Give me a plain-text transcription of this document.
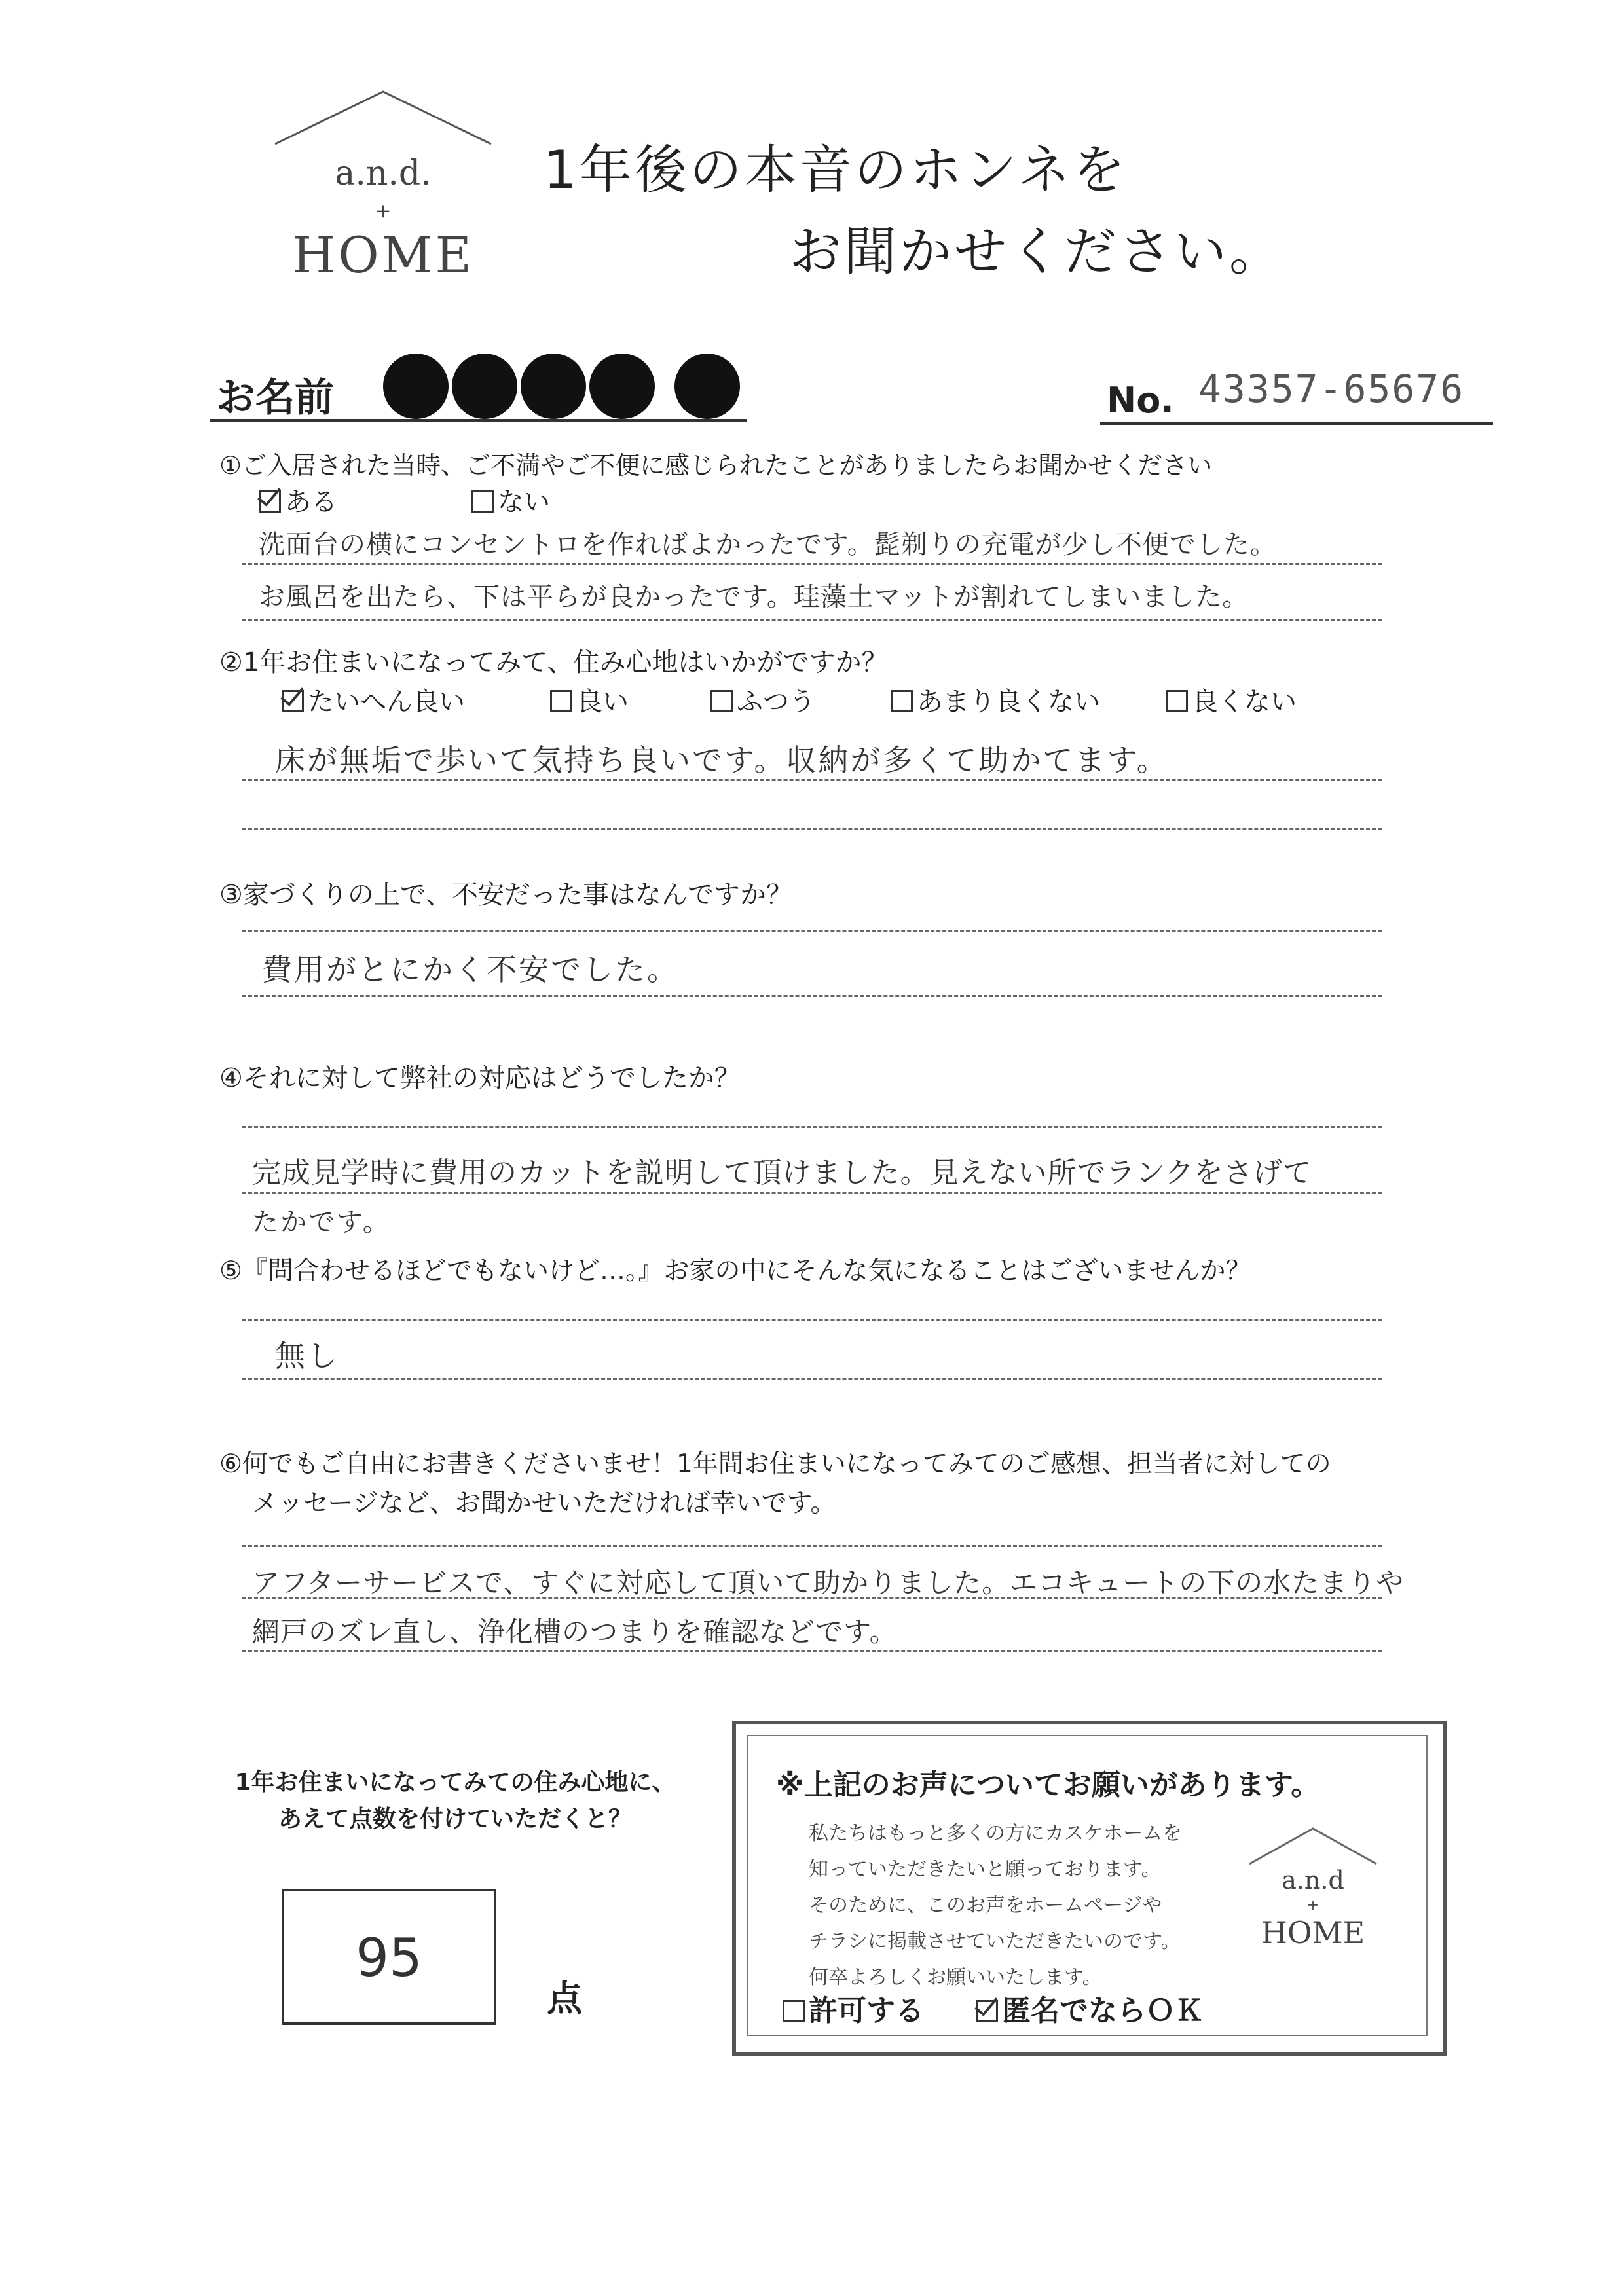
a.n.d.
+
HOME
1年後の本音のホンネを
お聞かせください。
お名前	No. 43357-65676
①ご入居された当時、ご不満やご不便に感じられたことがありましたらお聞かせください
ある	ない
洗面台の横にコンセントロを作ればよかったです。髭剃りの充電が少し不便でした。
お風呂を出たら、下は平らが良かったです。珪藻土マットが割れてしまいました。
②1年お住まいになってみて、住み心地はいかがですか？
たいへん良い	良い	ふつう	あまり良くない	良くない
床が無垢で歩いて気持ち良いです。収納が多くて助かてます。
③家づくりの上で、不安だった事はなんですか？
費用がとにかく不安でした。
④それに対して弊社の対応はどうでしたか？
完成見学時に費用のカットを説明して頂けました。見えない所でランクをさげて
たかです。
⑤『問合わせるほどでもないけど…。』お家の中にそんな気になることはございませんか？
無し
⑥何でもご自由にお書きくださいませ！1年間お住まいになってみてのご感想、担当者に対しての
メッセージなど、お聞かせいただければ幸いです。
アフターサービスで、すぐに対応して頂いて助かりました。エコキュートの下の水たまりや
網戸のズレ直し、浄化槽のつまりを確認などです。
1年お住まいになってみての住み心地に、
あえて点数を付けていただくと？
95
点
※上記のお声についてお願いがあります。
私たちはもっと多くの方にカスケホームを
知っていただきたいと願っております。
そのために、このお声をホームページや
チラシに掲載させていただきたいのです。
何卒よろしくお願いいたします。
a.n.d
+
HOME
許可する	匿名でならＯＫ
